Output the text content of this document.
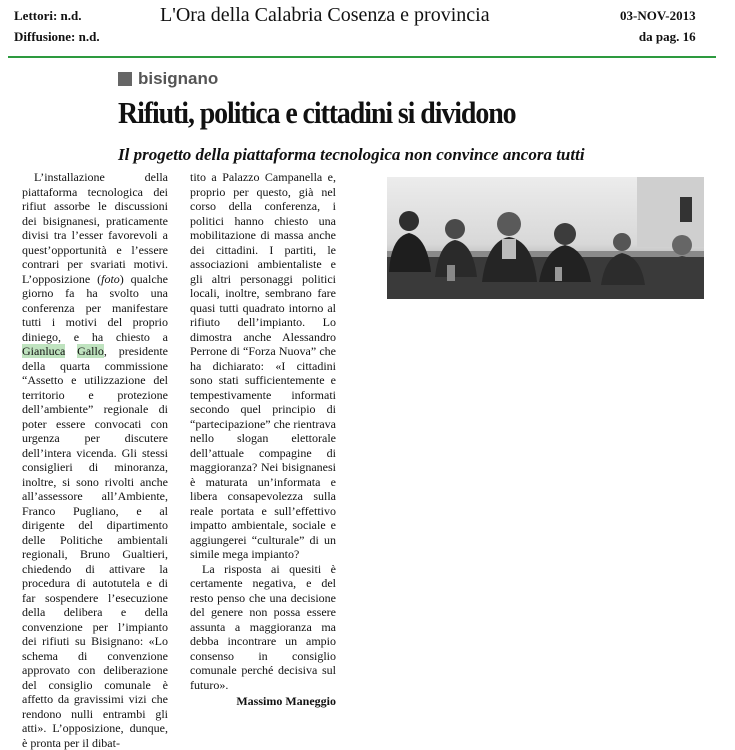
Lettori: n.d.
Diffusione: n.d.
L'Ora della Calabria Cosenza e provincia	03-NOV-2013
da pag. 16
bisignano
Rifiuti, politica e cittadini si dividono
Il progetto della piattaforma tecnologica non convince ancora tutti

L’installazione della piattaforma tecnologica dei rifiut assorbe le discussioni dei bisignanesi, praticamente divisi tra l’esser favorevoli a quest’opportunità e l’essere contrari per svariati motivi. L’opposizione (foto) qualche giorno fa ha svolto una conferenza per manifestare tutti i motivi del proprio diniego, e ha chiesto a Gianluca Gallo, presidente della quarta commissione “Assetto e utilizzazione del territorio e protezione dell’ambiente” regionale di poter essere convocati con urgenza per discutere dell’intera vicenda. Gli stessi consiglieri di minoranza, inoltre, si sono rivolti anche all’assessore all’Ambiente, Franco Pugliano, e al dirigente del dipartimento delle Politiche ambientali regionali, Bruno Gualtieri, chiedendo di attivare la procedura di autotutela e di far sospendere l’esecuzione della delibera e della convenzione per l’impianto dei rifiuti su Bisignano: «Lo schema di convenzione approvato con deliberazione del consiglio comunale è affetto da gravissimi vizi che rendono nulli entrambi gli atti». L’opposizione, dunque, è pronta per il dibat-

tito a Palazzo Campanella e, proprio per questo, già nel corso della conferenza, i politici hanno chiesto una mobilitazione di massa anche dei cittadini. I partiti, le associazioni ambientaliste e gli altri personaggi politici locali, inoltre, sembrano fare quasi tutti quadrato intorno al rifiuto dell’impianto. Lo dimostra anche Alessandro Perrone di “Forza Nuova” che ha dichiarato: «I cittadini sono stati sufficientemente e tempestivamente informati secondo quel principio di “partecipazione” che rientrava nello slogan elettorale dell’attuale compagine di maggioranza? Nei bisignanesi è maturata un’informata e libera consapevolezza sulla reale portata e sull’effettivo impatto ambientale, sociale e aggiungerei “culturale” di un simile mega impianto?

La risposta ai quesiti è certamente negativa, e del resto penso che una decisione del genere non possa essere assunta a maggioranza ma debba incontrare un ampio consenso in consiglio comunale perché decisiva sul futuro».

Massimo Maneggio
